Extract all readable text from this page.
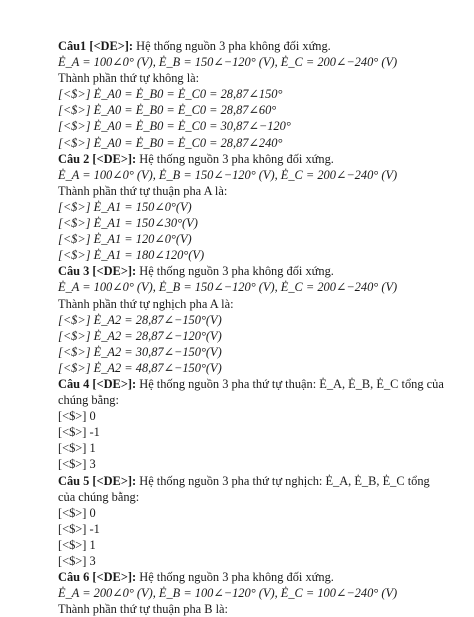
Câu1 [<DE>]: Hệ thống nguồn 3 pha không đối xứng.
Ė_A = 100∠0° (V), Ė_B = 150∠−120° (V), Ė_C = 200∠−240° (V)
Thành phần thứ tự không là:
[<$>] Ė_A0 = Ė_B0 = Ė_C0 = 28,87∠150°
[<$>] Ė_A0 = Ė_B0 = Ė_C0 = 28,87∠60°
[<$>] Ė_A0 = Ė_B0 = Ė_C0 = 30,87∠−120°
[<$>] Ė_A0 = Ė_B0 = Ė_C0 = 28,87∠240°
Câu 2 [<DE>]: Hệ thống nguồn 3 pha không đối xứng.
Ė_A = 100∠0° (V), Ė_B = 150∠−120° (V), Ė_C = 200∠−240° (V)
Thành phần thứ tự thuận pha A là:
[<$>] Ė_A1 = 150∠0°(V)
[<$>] Ė_A1 = 150∠30°(V)
[<$>] Ė_A1 = 120∠0°(V)
[<$>] Ė_A1 = 180∠120°(V)
Câu 3 [<DE>]: Hệ thống nguồn 3 pha không đối xứng.
Ė_A = 100∠0° (V), Ė_B = 150∠−120° (V), Ė_C = 200∠−240° (V)
Thành phần thứ tự nghịch pha A là:
[<$>] Ė_A2 = 28,87∠−150°(V)
[<$>] Ė_A2 = 28,87∠−120°(V)
[<$>] Ė_A2 = 30,87∠−150°(V)
[<$>] Ė_A2 = 48,87∠−150°(V)
Câu 4 [<DE>]: Hệ thống nguồn 3 pha thứ tự thuận: Ė_A, Ė_B, Ė_C tổng của chúng bằng:
[<$>] 0
[<$>] -1
[<$>] 1
[<$>] 3
Câu 5 [<DE>]: Hệ thống nguồn 3 pha thứ tự nghịch: Ė_A, Ė_B, Ė_C tổng của chúng bằng:
[<$>] 0
[<$>] -1
[<$>] 1
[<$>] 3
Câu 6 [<DE>]: Hệ thống nguồn 3 pha không đối xứng.
Ė_A = 200∠0° (V), Ė_B = 100∠−120° (V), Ė_C = 100∠−240° (V)
Thành phần thứ tự thuận pha B là:
